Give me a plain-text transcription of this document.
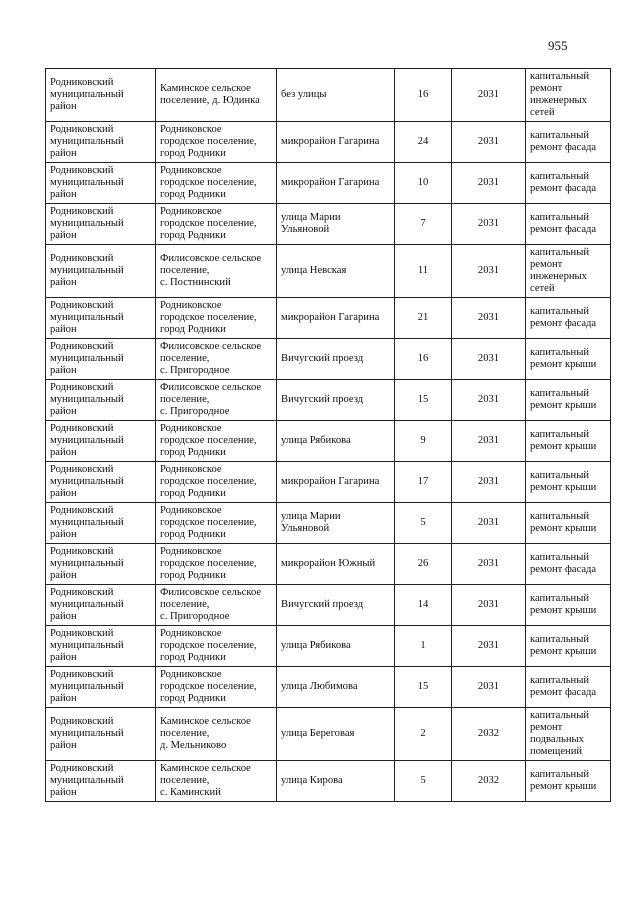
955
Родниковский
муниципальный
район	Каминское сельское
поселение, д. Юдинка	без улицы	16	2031	капитальный
ремонт
инженерных
сетей
Родниковский
муниципальный
район	Родниковское
городское поселение,
город Родники	микрорайон Гагарина	24	2031	капитальный
ремонт фасада
Родниковский
муниципальный
район	Родниковское
городское поселение,
город Родники	микрорайон Гагарина	10	2031	капитальный
ремонт фасада
Родниковский
муниципальный
район	Родниковское
городское поселение,
город Родники	улица Марии
Ульяновой	7	2031	капитальный
ремонт фасада
Родниковский
муниципальный
район	Филисовское сельское
поселение,
с. Постнинский	улица Невская	11	2031	капитальный
ремонт
инженерных
сетей
Родниковский
муниципальный
район	Родниковское
городское поселение,
город Родники	микрорайон Гагарина	21	2031	капитальный
ремонт фасада
Родниковский
муниципальный
район	Филисовское сельское
поселение,
с. Пригородное	Вичугский проезд	16	2031	капитальный
ремонт крыши
Родниковский
муниципальный
район	Филисовское сельское
поселение,
с. Пригородное	Вичугский проезд	15	2031	капитальный
ремонт крыши
Родниковский
муниципальный
район	Родниковское
городское поселение,
город Родники	улица Рябикова	9	2031	капитальный
ремонт крыши
Родниковский
муниципальный
район	Родниковское
городское поселение,
город Родники	микрорайон Гагарина	17	2031	капитальный
ремонт крыши
Родниковский
муниципальный
район	Родниковское
городское поселение,
город Родники	улица Марии
Ульяновой	5	2031	капитальный
ремонт крыши
Родниковский
муниципальный
район	Родниковское
городское поселение,
город Родники	микрорайон Южный	26	2031	капитальный
ремонт фасада
Родниковский
муниципальный
район	Филисовское сельское
поселение,
с. Пригородное	Вичугский проезд	14	2031	капитальный
ремонт крыши
Родниковский
муниципальный
район	Родниковское
городское поселение,
город Родники	улица Рябикова	1	2031	капитальный
ремонт крыши
Родниковский
муниципальный
район	Родниковское
городское поселение,
город Родники	улица Любимова	15	2031	капитальный
ремонт фасада
Родниковский
муниципальный
район	Каминское сельское
поселение,
д. Мельниково	улица Береговая	2	2032	капитальный
ремонт
подвальных
помещений
Родниковский
муниципальный
район	Каминское сельское
поселение,
с. Каминский	улица Кирова	5	2032	капитальный
ремонт крыши
